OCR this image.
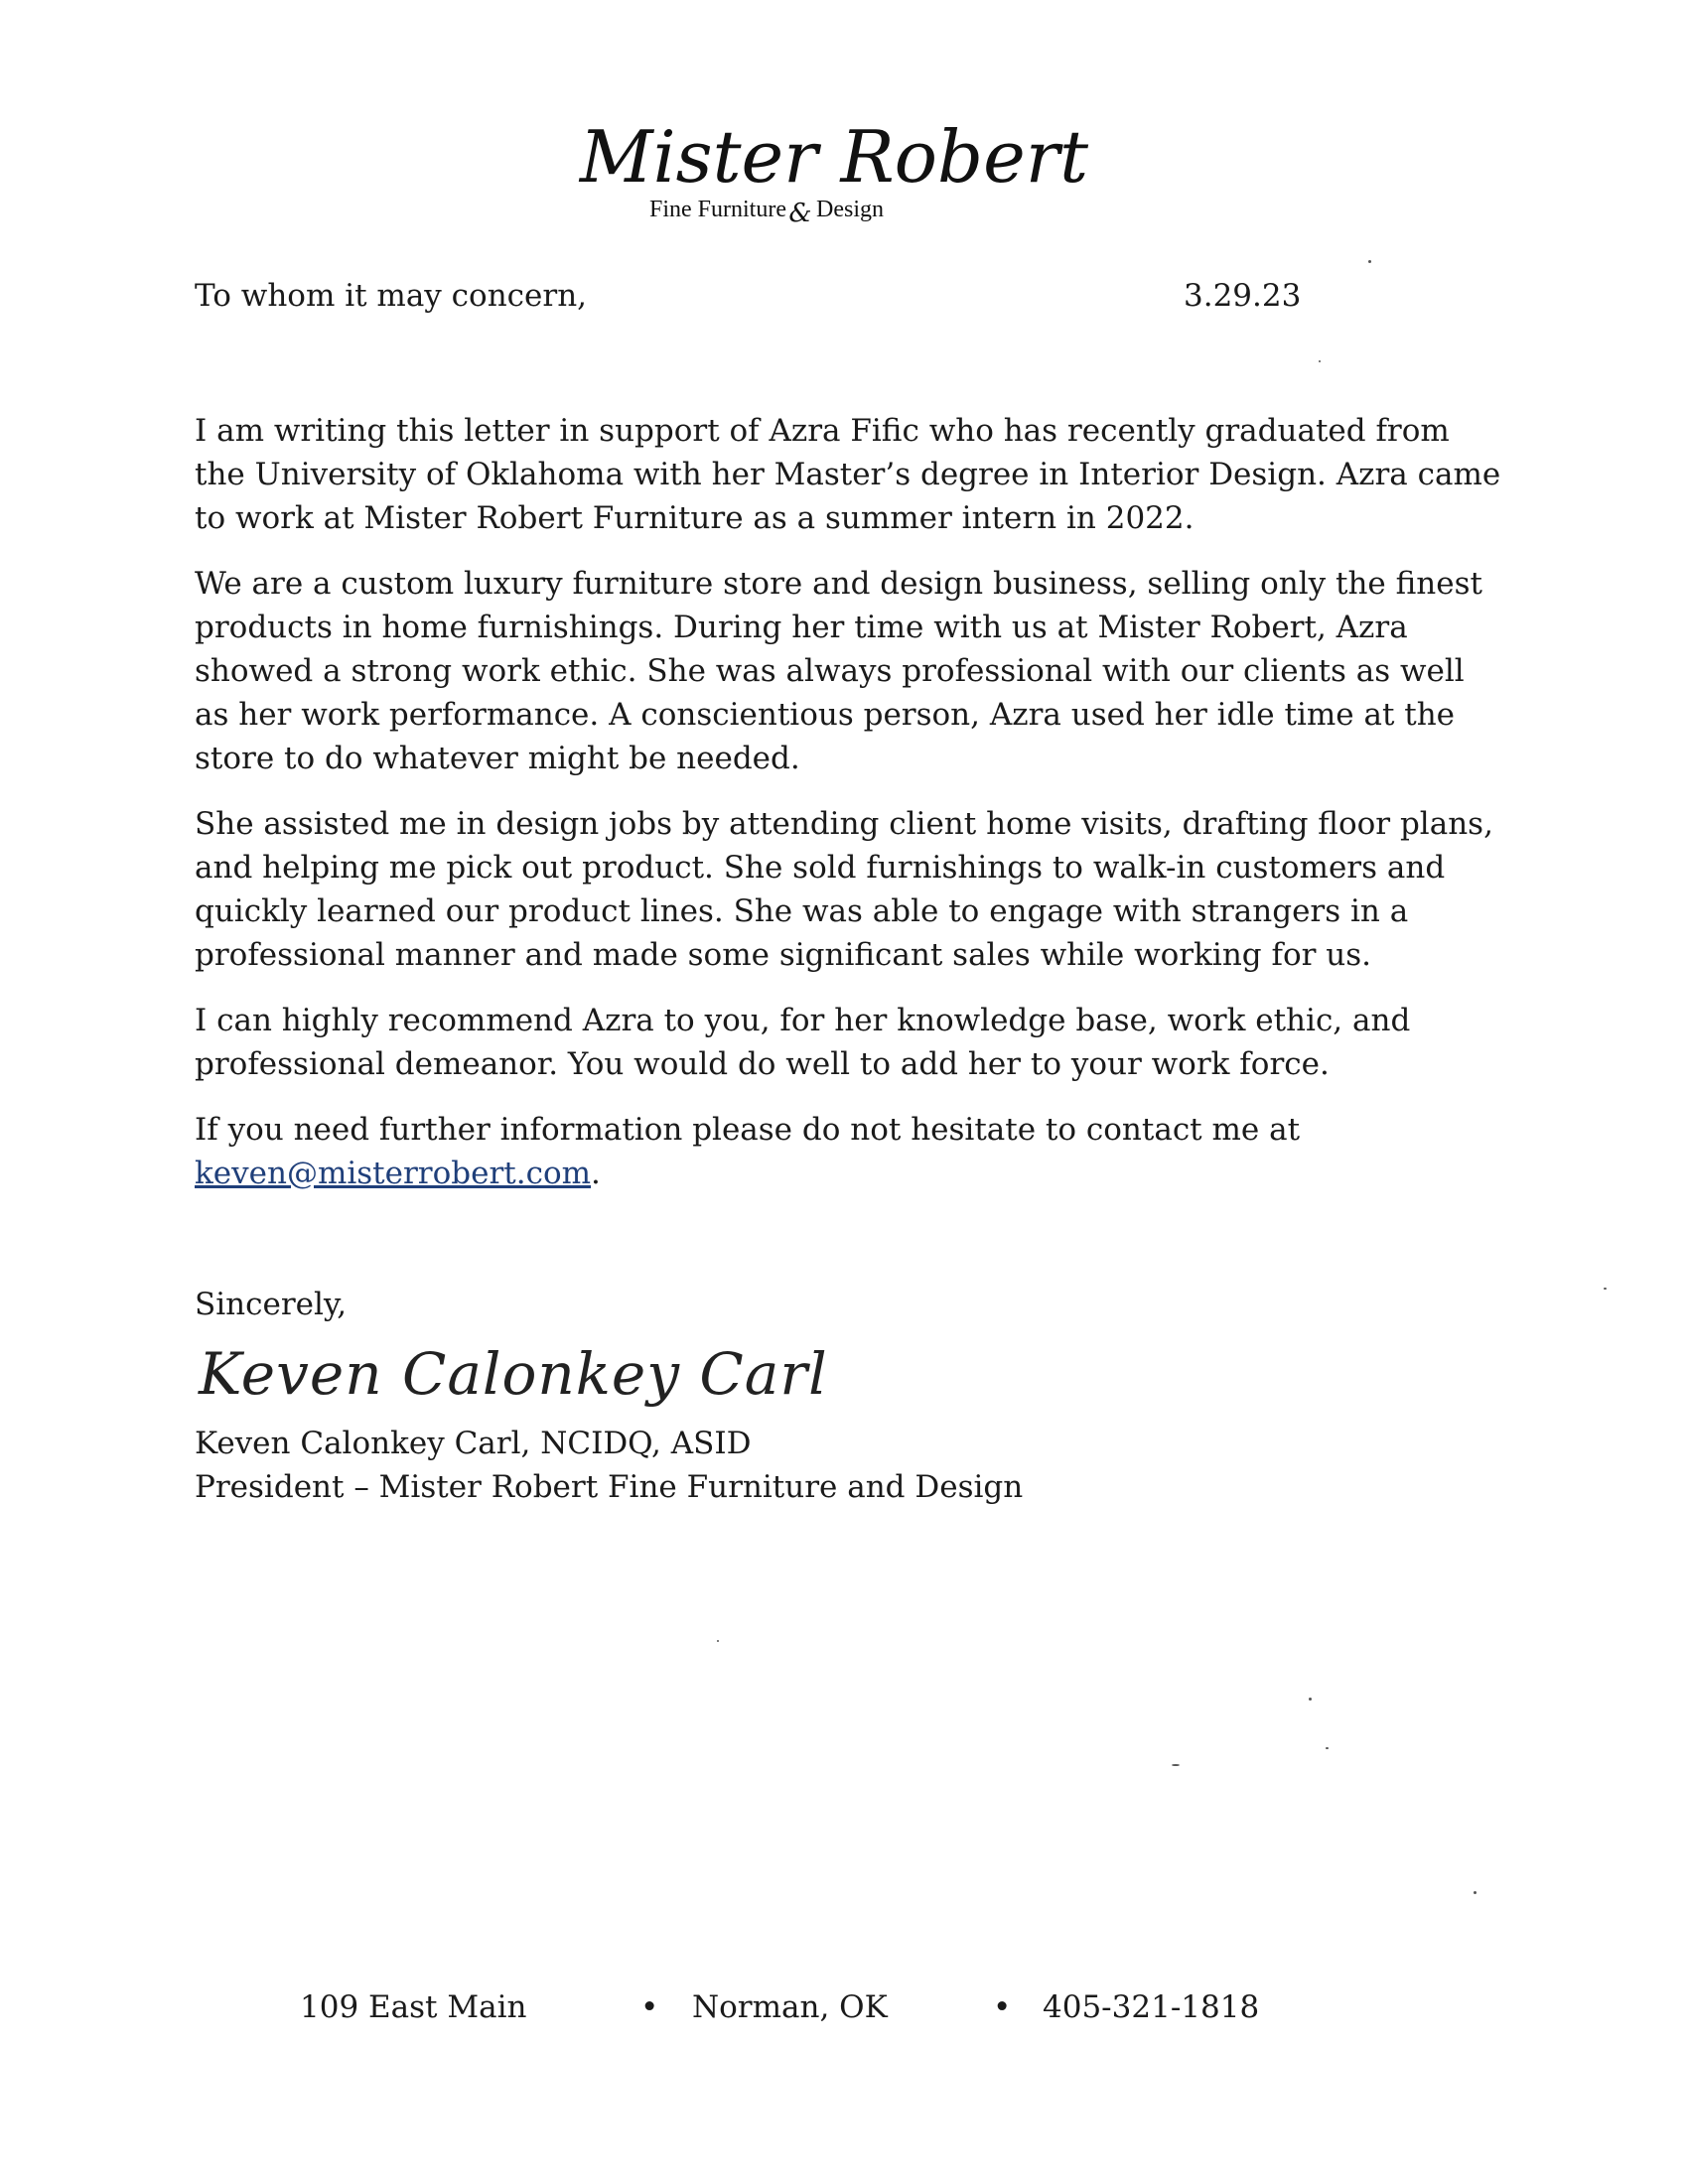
Mister Robert
Fine Furniture & Design
To whom it may concern,	3.29.23

I am writing this letter in support of Azra Fific who has recently graduated from the University of Oklahoma with her Master’s degree in Interior Design. Azra came to work at Mister Robert Furniture as a summer intern in 2022.

We are a custom luxury furniture store and design business, selling only the finest products in home furnishings. During her time with us at Mister Robert, Azra showed a strong work ethic. She was always professional with our clients as well as her work performance. A conscientious person, Azra used her idle time at the store to do whatever might be needed.

She assisted me in design jobs by attending client home visits, drafting floor plans, and helping me pick out product. She sold furnishings to walk-in customers and quickly learned our product lines. She was able to engage with strangers in a professional manner and made some significant sales while working for us.

I can highly recommend Azra to you, for her knowledge base, work ethic, and professional demeanor. You would do well to add her to your work force.

If you need further information please do not hesitate to contact me at
keven@misterrobert.com.

Sincerely,
Keven Calonkey Carl
Keven Calonkey Carl, NCIDQ, ASID
President – Mister Robert Fine Furniture and Design
109 East Main	• Norman, OK	• 405-321-1818
